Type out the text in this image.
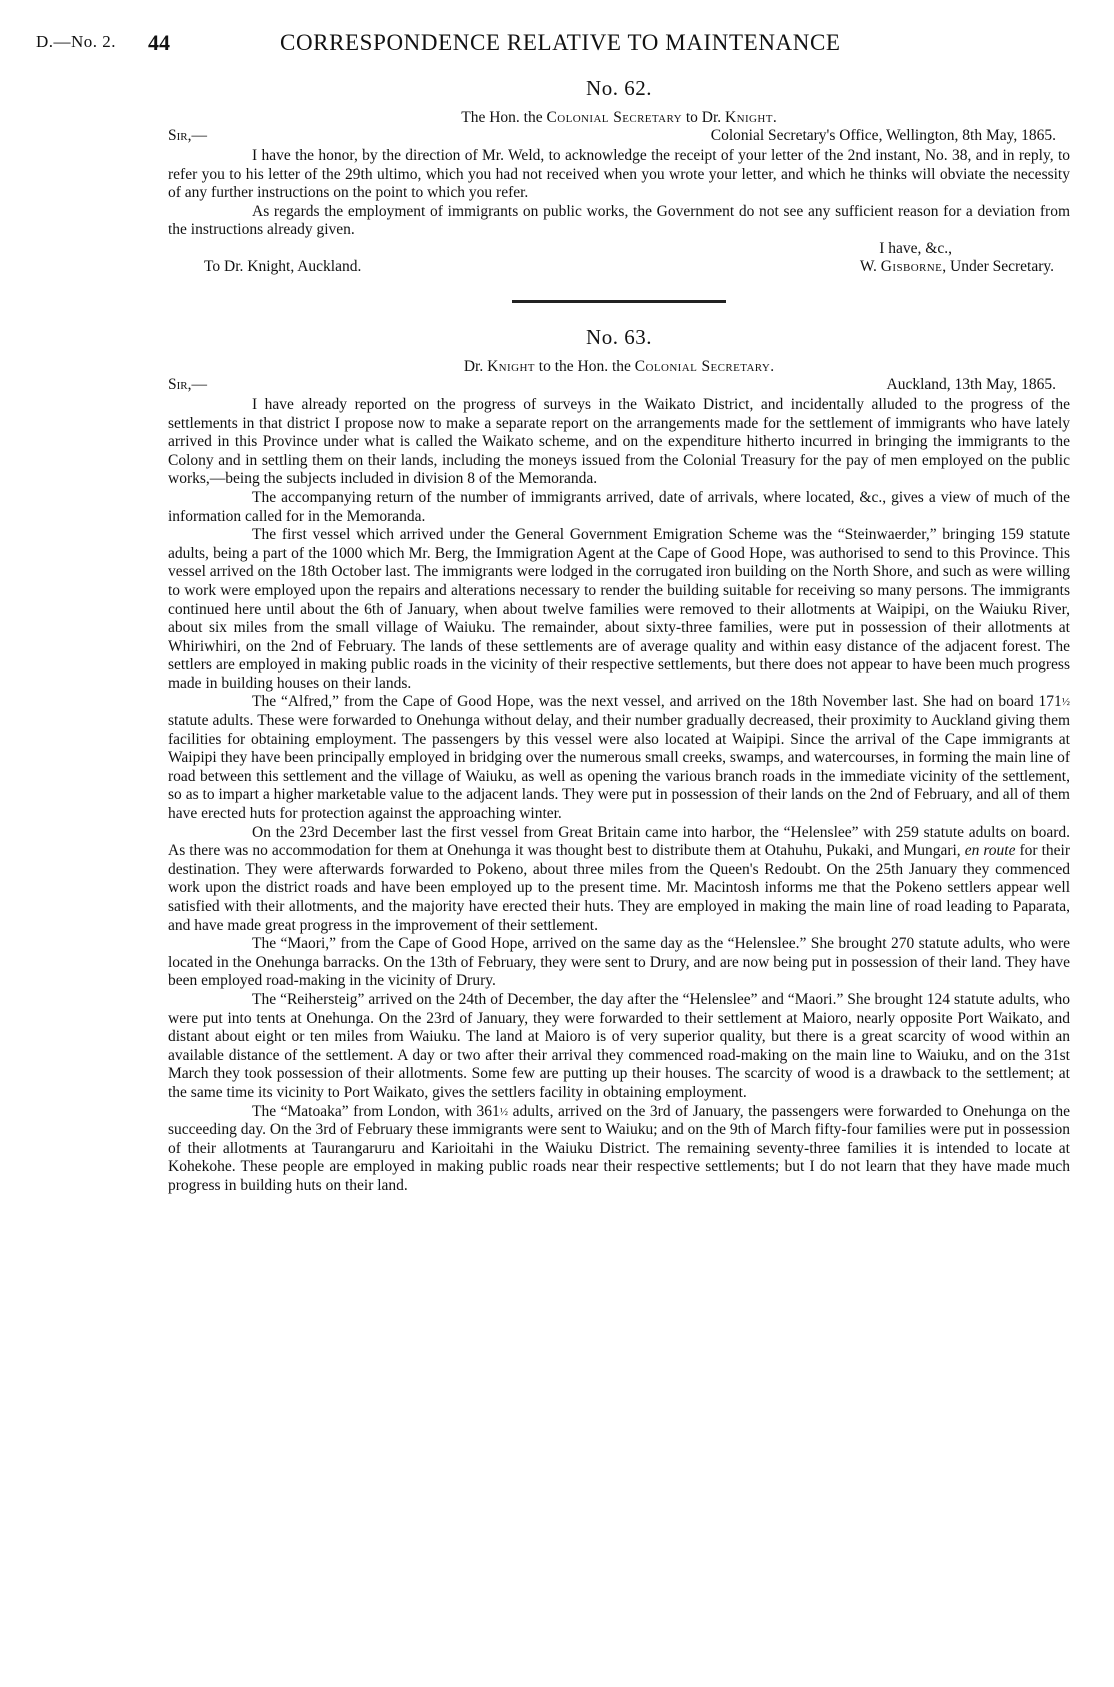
D.—No. 2. 44	CORRESPONDENCE RELATIVE TO MAINTENANCE
No. 62.
The Hon. the Colonial Secretary to Dr. Knight.
Sir,—	Colonial Secretary's Office, Wellington, 8th May, 1865.

I have the honor, by the direction of Mr. Weld, to acknowledge the receipt of your letter of the 2nd instant, No. 38, and in reply, to refer you to his letter of the 29th ultimo, which you had not received when you wrote your letter, and which he thinks will obviate the necessity of any further instructions on the point to which you refer.

As regards the employment of immigrants on public works, the Government do not see any sufficient reason for a deviation from the instructions already given.

I have, &c.,

To Dr. Knight, Auckland.	W. Gisborne, Under Secretary.
No. 63.
Dr. Knight to the Hon. the Colonial Secretary.
Sir,—	Auckland, 13th May, 1865.

I have already reported on the progress of surveys in the Waikato District, and incidentally alluded to the progress of the settlements in that district I propose now to make a separate report on the arrangements made for the settlement of immigrants who have lately arrived in this Province under what is called the Waikato scheme, and on the expenditure hitherto incurred in bringing the immigrants to the Colony and in settling them on their lands, including the moneys issued from the Colonial Treasury for the pay of men employed on the public works,—being the subjects included in division 8 of the Memoranda.

The accompanying return of the number of immigrants arrived, date of arrivals, where located, &c., gives a view of much of the information called for in the Memoranda.

The first vessel which arrived under the General Government Emigration Scheme was the “Steinwaerder,” bringing 159 statute adults, being a part of the 1000 which Mr. Berg, the Immigration Agent at the Cape of Good Hope, was authorised to send to this Province. This vessel arrived on the 18th October last. The immigrants were lodged in the corrugated iron building on the North Shore, and such as were willing to work were employed upon the repairs and alterations necessary to render the building suitable for receiving so many persons. The immigrants continued here until about the 6th of January, when about twelve families were removed to their allotments at Waipipi, on the Waiuku River, about six miles from the small village of Waiuku. The remainder, about sixty-three families, were put in possession of their allotments at Whiriwhiri, on the 2nd of February. The lands of these settlements are of average quality and within easy distance of the adjacent forest. The settlers are employed in making public roads in the vicinity of their respective settlements, but there does not appear to have been much progress made in building houses on their lands.

The “Alfred,” from the Cape of Good Hope, was the next vessel, and arrived on the 18th November last. She had on board 171½ statute adults. These were forwarded to Onehunga without delay, and their number gradually decreased, their proximity to Auckland giving them facilities for obtaining employment. The passengers by this vessel were also located at Waipipi. Since the arrival of the Cape immigrants at Waipipi they have been principally employed in bridging over the numerous small creeks, swamps, and watercourses, in forming the main line of road between this settlement and the village of Waiuku, as well as opening the various branch roads in the immediate vicinity of the settlement, so as to impart a higher marketable value to the adjacent lands. They were put in possession of their lands on the 2nd of February, and all of them have erected huts for protection against the approaching winter.

On the 23rd December last the first vessel from Great Britain came into harbor, the “Helenslee” with 259 statute adults on board. As there was no accommodation for them at Onehunga it was thought best to distribute them at Otahuhu, Pukaki, and Mungari, en route for their destination. They were afterwards forwarded to Pokeno, about three miles from the Queen's Redoubt. On the 25th January they commenced work upon the district roads and have been employed up to the present time. Mr. Macintosh informs me that the Pokeno settlers appear well satisfied with their allotments, and the majority have erected their huts. They are employed in making the main line of road leading to Paparata, and have made great progress in the improvement of their settlement.

The “Maori,” from the Cape of Good Hope, arrived on the same day as the “Helenslee.” She brought 270 statute adults, who were located in the Onehunga barracks. On the 13th of February, they were sent to Drury, and are now being put in possession of their land. They have been employed road-making in the vicinity of Drury.

The “Reihersteig” arrived on the 24th of December, the day after the “Helenslee” and “Maori.” She brought 124 statute adults, who were put into tents at Onehunga. On the 23rd of January, they were forwarded to their settlement at Maioro, nearly opposite Port Waikato, and distant about eight or ten miles from Waiuku. The land at Maioro is of very superior quality, but there is a great scarcity of wood within an available distance of the settlement. A day or two after their arrival they commenced road-making on the main line to Waiuku, and on the 31st March they took possession of their allotments. Some few are putting up their houses. The scarcity of wood is a drawback to the settlement; at the same time its vicinity to Port Waikato, gives the settlers facility in obtaining employment.

The “Matoaka” from London, with 361½ adults, arrived on the 3rd of January, the passengers were forwarded to Onehunga on the succeeding day. On the 3rd of February these immigrants were sent to Waiuku; and on the 9th of March fifty-four families were put in possession of their allotments at Taurangaruru and Karioitahi in the Waiuku District. The remaining seventy-three families it is intended to locate at Kohekohe. These people are employed in making public roads near their respective settlements; but I do not learn that they have made much progress in building huts on their land.
